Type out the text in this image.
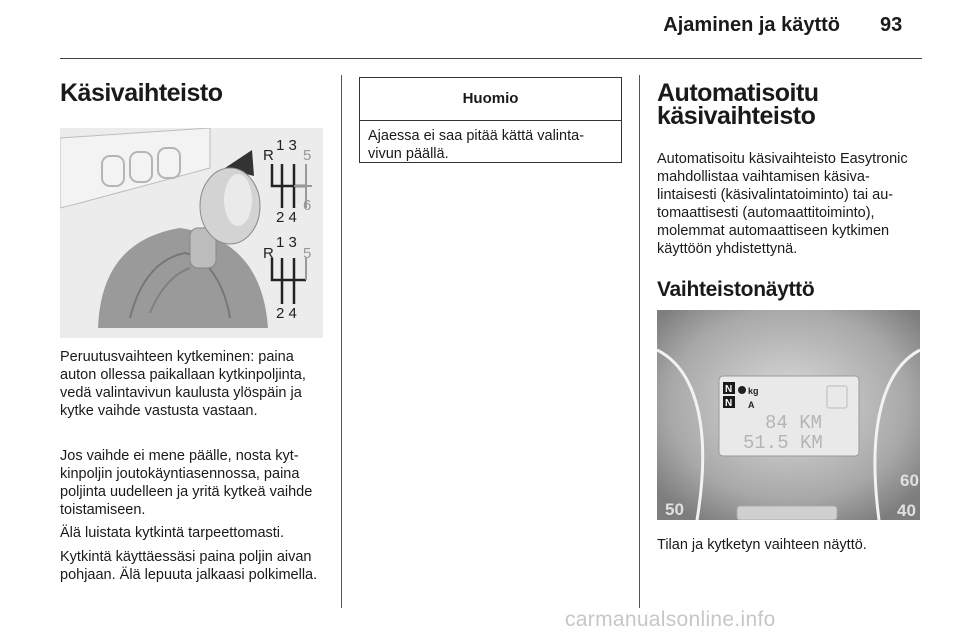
Ajaminen ja käyttö 93
Käsivaihteisto
1 3
R 5
6
2 4
1 3
R 5
2 4

Peruutusvaihteen kytkeminen: paina auton ollessa paikallaan kytkinpoljinta, vedä valintavivun kaulusta ylöspäin ja kytke vaihde vastusta vastaan.

Jos vaihde ei mene päälle, nosta kytkinpoljin joutokäyntiasennossa, paina poljinta uudelleen ja yritä kytkeä vaihde toistamiseen.

Älä luistata kytkintä tarpeettomasti.

Kytkintä käyttäessäsi paina poljin aivan pohjaan. Älä lepuuta jalkaasi polkimella.

Huomio
Ajaessa ei saa pitää kättä valintavivun päällä.
Automatisoitu
käsivaihteisto

Automatisoitu käsivaihteisto Easytronic mahdollistaa vaihtamisen käsivalintaisesti (käsivalintatoiminto) tai automaattisesti (automaattitoiminto), molemmat automaattiseen kytkimen käyttöön yhdistettynä.

Vaihteistonäyttö
N
N
kg
A
84 KM
51.5 KM
50
60
40

Tilan ja kytketyn vaihteen näyttö.

carmanualsonline.info
